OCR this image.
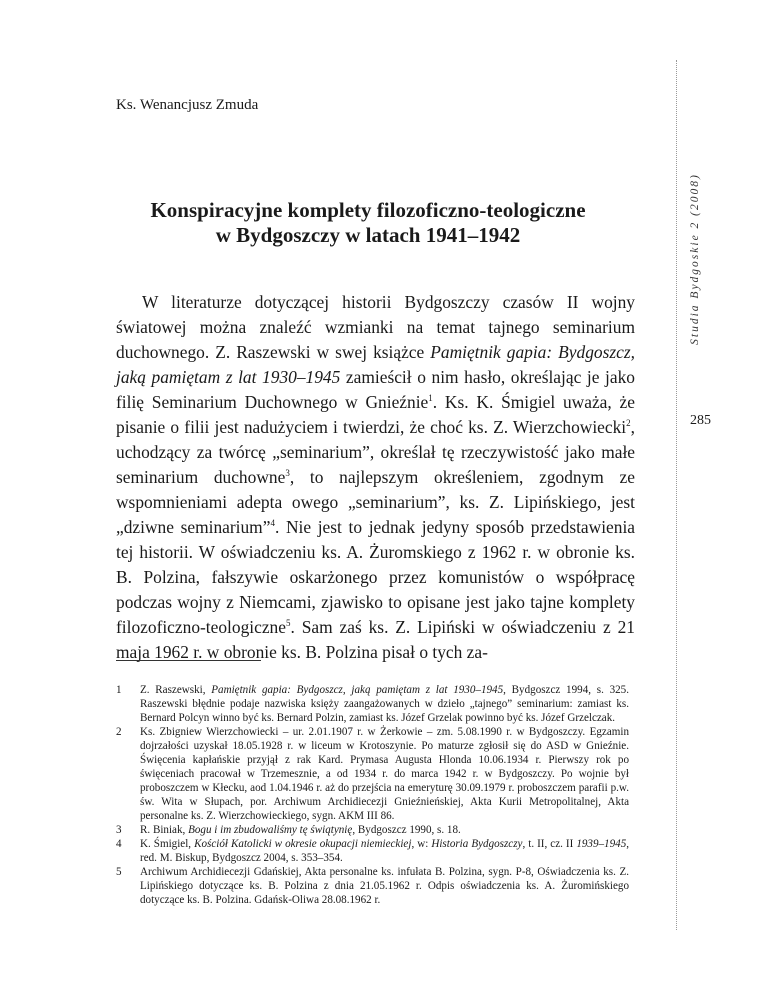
Ks. Wenancjusz Zmuda
Konspiracyjne komplety filozoficzno-teologiczne
w Bydgoszczy w latach 1941–1942

W literaturze dotyczącej historii Bydgoszczy czasów II wojny światowej można znaleźć wzmianki na temat tajnego seminarium duchownego. Z. Raszewski w swej książce Pamiętnik gapia: Bydgoszcz, jaką pamiętam z lat 1930–1945 zamieścił o nim hasło, określając je jako filię Seminarium Duchownego w Gnieźnie$^1$. Ks. K. Śmigiel uważa, że pisanie o filii jest nadużyciem i twierdzi, że choć ks. Z. Wierzchowiecki$^2$, uchodzący za twórcę „seminarium”, określał tę rzeczywistość jako małe seminarium duchowne$^3$, to najlepszym określeniem, zgodnym ze wspomnieniami adepta owego „seminarium”, ks. Z. Lipińskiego, jest „dziwne seminarium”$^4$. Nie jest to jednak jedyny sposób przedstawienia tej historii. W oświadczeniu ks. A. Żuromskiego z 1962 r. w obronie ks. B. Polzina, fałszywie oskarżonego przez komunistów o współpracę podczas wojny z Niemcami, zjawisko to opisane jest jako tajne komplety filozoficzno-teologiczne$^5$. Sam zaś ks. Z. Lipiński w oświadczeniu z 21 maja 1962 r. w obronie ks. B. Polzina pisał o tych za-

1 Z. Raszewski, Pamiętnik gapia: Bydgoszcz, jaką pamiętam z lat 1930–1945, Bydgoszcz 1994, s. 325. Raszewski błędnie podaje nazwiska księży zaangażowanych w dzieło „tajnego” seminarium: zamiast ks. Bernard Polcyn winno być ks. Bernard Polzin, zamiast ks. Józef Grzelak powinno być ks. Józef Grzelczak.
2 Ks. Zbigniew Wierzchowiecki – ur. 2.01.1907 r. w Żerkowie – zm. 5.08.1990 r. w Bydgoszczy. Egzamin dojrzałości uzyskał 18.05.1928 r. w liceum w Krotoszynie. Po maturze zgłosił się do ASD w Gnieźnie. Święcenia kapłańskie przyjął z rak Kard. Prymasa Augusta Hlonda 10.06.1934 r. Pierwszy rok po święceniach pracował w Trzemesznie, a od 1934 r. do marca 1942 r. w Bydgoszczy. Po wojnie był proboszczem w Kłecku, aod 1.04.1946 r. aż do przejścia na emeryturę 30.09.1979 r. proboszczem parafii p.w. św. Wita w Słupach, por. Archiwum Archidiecezji Gnieźnieńskiej, Akta Kurii Metropolitalnej, Akta personalne ks. Z. Wierzchowieckiego, sygn. AKM III 86.
3 R. Biniak, Bogu i im zbudowaliśmy tę świątynię, Bydgoszcz 1990, s. 18.
4 K. Śmigiel, Kościół Katolicki w okresie okupacji niemieckiej, w: Historia Bydgoszczy, t. II, cz. II 1939–1945, red. M. Biskup, Bydgoszcz 2004, s. 353–354.
5 Archiwum Archidiecezji Gdańskiej, Akta personalne ks. infułata B. Polzina, sygn. P-8, Oświadczenia ks. Z. Lipińskiego dotyczące ks. B. Polzina z dnia 21.05.1962 r. Odpis oświadczenia ks. A. Żuromińskiego dotyczące ks. B. Polzina. Gdańsk-Oliwa 28.08.1962 r.
Studia Bydgoskie 2 (2008)
285
